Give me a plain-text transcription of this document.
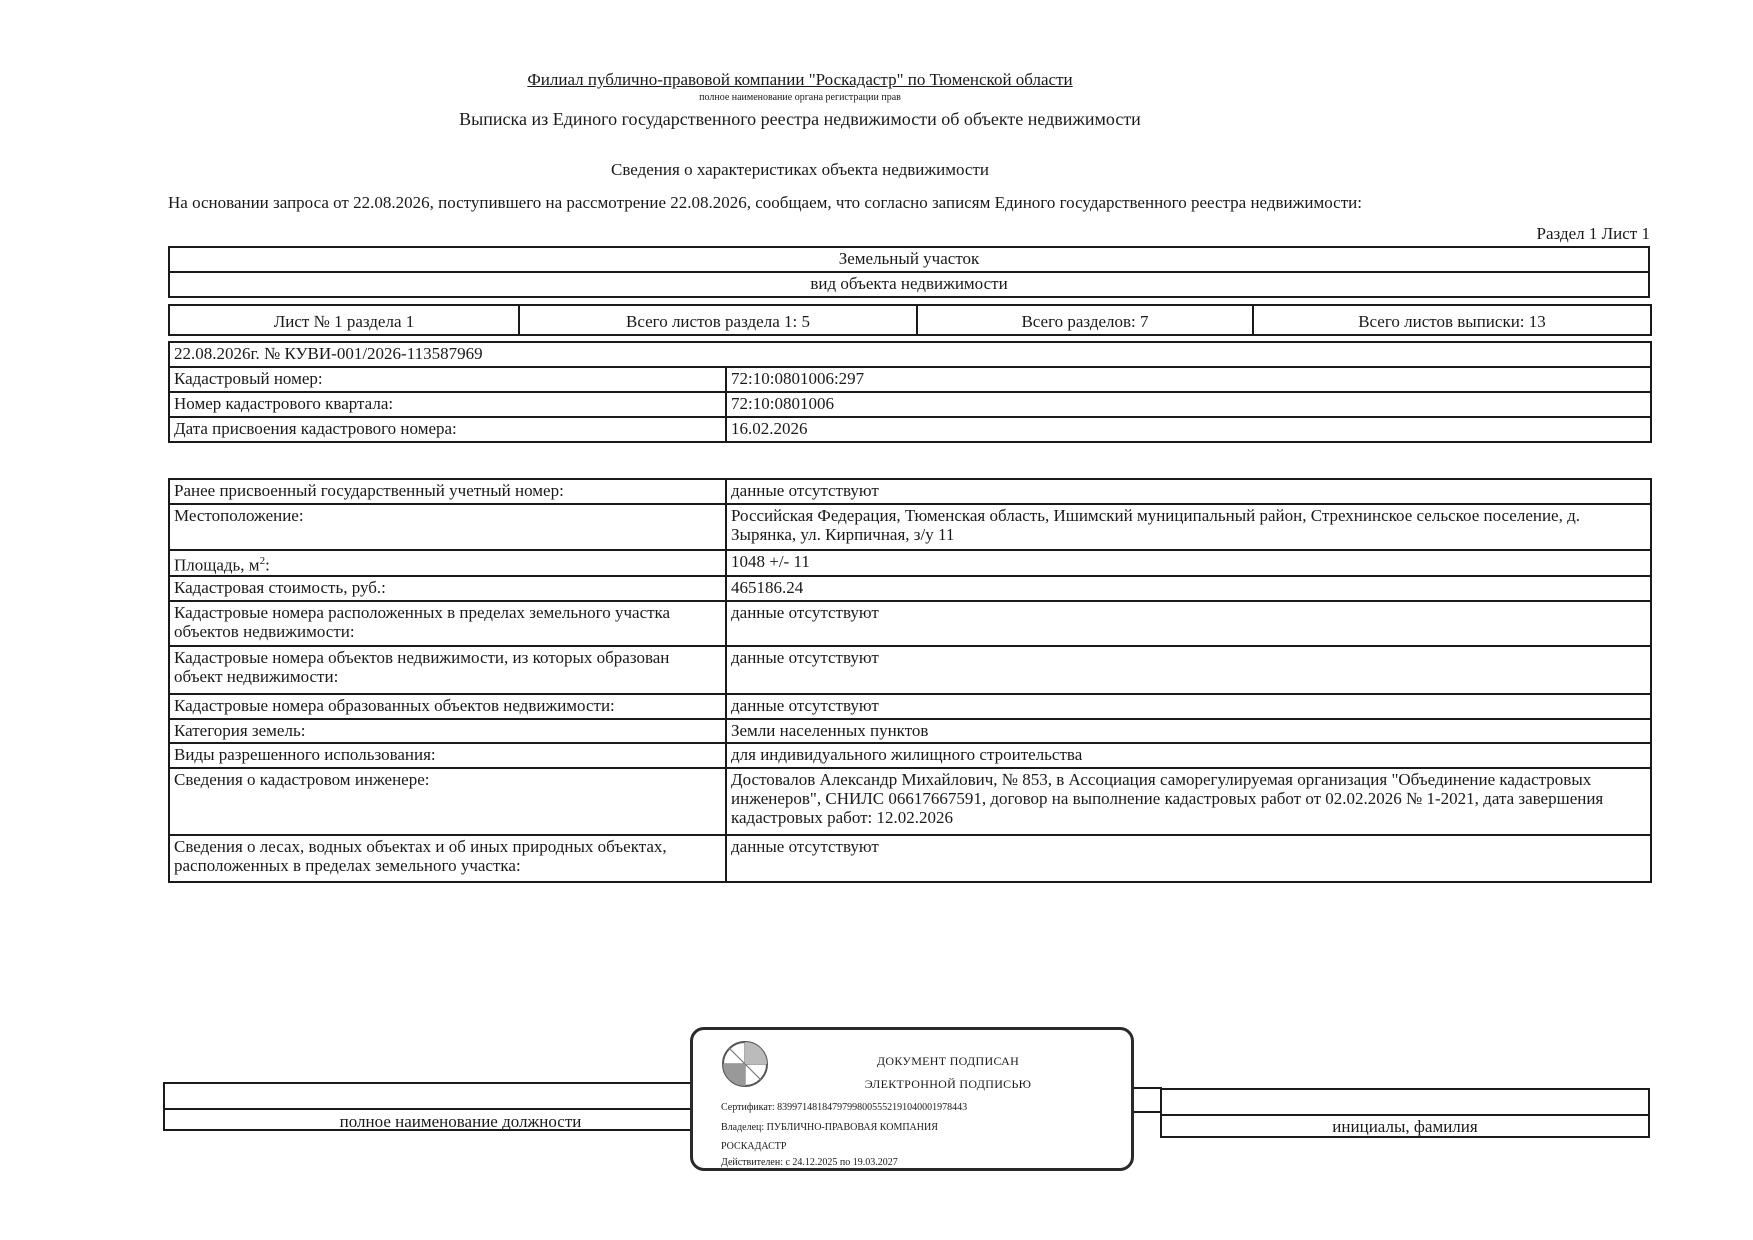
Филиал публично-правовой компании "Роскадастр" по Тюменской области
полное наименование органа регистрации прав
Выписка из Единого государственного реестра недвижимости об объекте недвижимости
Сведения о характеристиках объекта недвижимости
На основании запроса от 22.08.2026, поступившего на рассмотрение 22.08.2026, сообщаем, что согласно записям Единого государственного реестра недвижимости:
Раздел 1 Лист 1
Земельный участок
вид объекта недвижимости
Лист № 1 раздела 1	Всего листов раздела 1: 5	Всего разделов: 7	Всего листов выписки: 13
22.08.2026г. № КУВИ-001/2026-113587969	
Кадастровый номер:	72:10:0801006:297
Номер кадастрового квартала:	72:10:0801006
Дата присвоения кадастрового номера:	16.02.2026
Ранее присвоенный государственный учетный номер:	данные отсутствуют
Местоположение:	Российская Федерация, Тюменская область, Ишимский муниципальный район, Стрехнинское сельское поселение, д. Зырянка, ул. Кирпичная, з/у 11
Площадь, $м^2$:	1048 +/- 11
Кадастровая стоимость, руб.:	465186.24
Кадастровые номера расположенных в пределах земельного участка объектов недвижимости:	данные отсутствуют
Кадастровые номера объектов недвижимости, из которых образован объект недвижимости:	данные отсутствуют
Кадастровые номера образованных объектов недвижимости:	данные отсутствуют
Категория земель:	Земли населенных пунктов
Виды разрешенного использования:	для индивидуального жилищного строительства
Сведения о кадастровом инженере:	Достовалов Александр Михайлович, № 853, в Ассоциация саморегулируемая организация "Объединение кадастровых инженеров", СНИЛС 06617667591, договор на выполнение кадастровых работ от 02.02.2026 № 1-2021, дата завершения кадастровых работ: 12.02.2026
Сведения о лесах, водных объектах и об иных природных объектах, расположенных в пределах земельного участка:	данные отсутствуют
полное наименование должности	инициалы, фамилия
ДОКУМЕНТ ПОДПИСАН
ЭЛЕКТРОННОЙ ПОДПИСЬЮ
Сертификат: 83997148184797998005552191040001978443
Владелец: ПУБЛИЧНО-ПРАВОВАЯ КОМПАНИЯ
РОСКАДАСТР
Действителен: с 24.12.2025 по 19.03.2027
